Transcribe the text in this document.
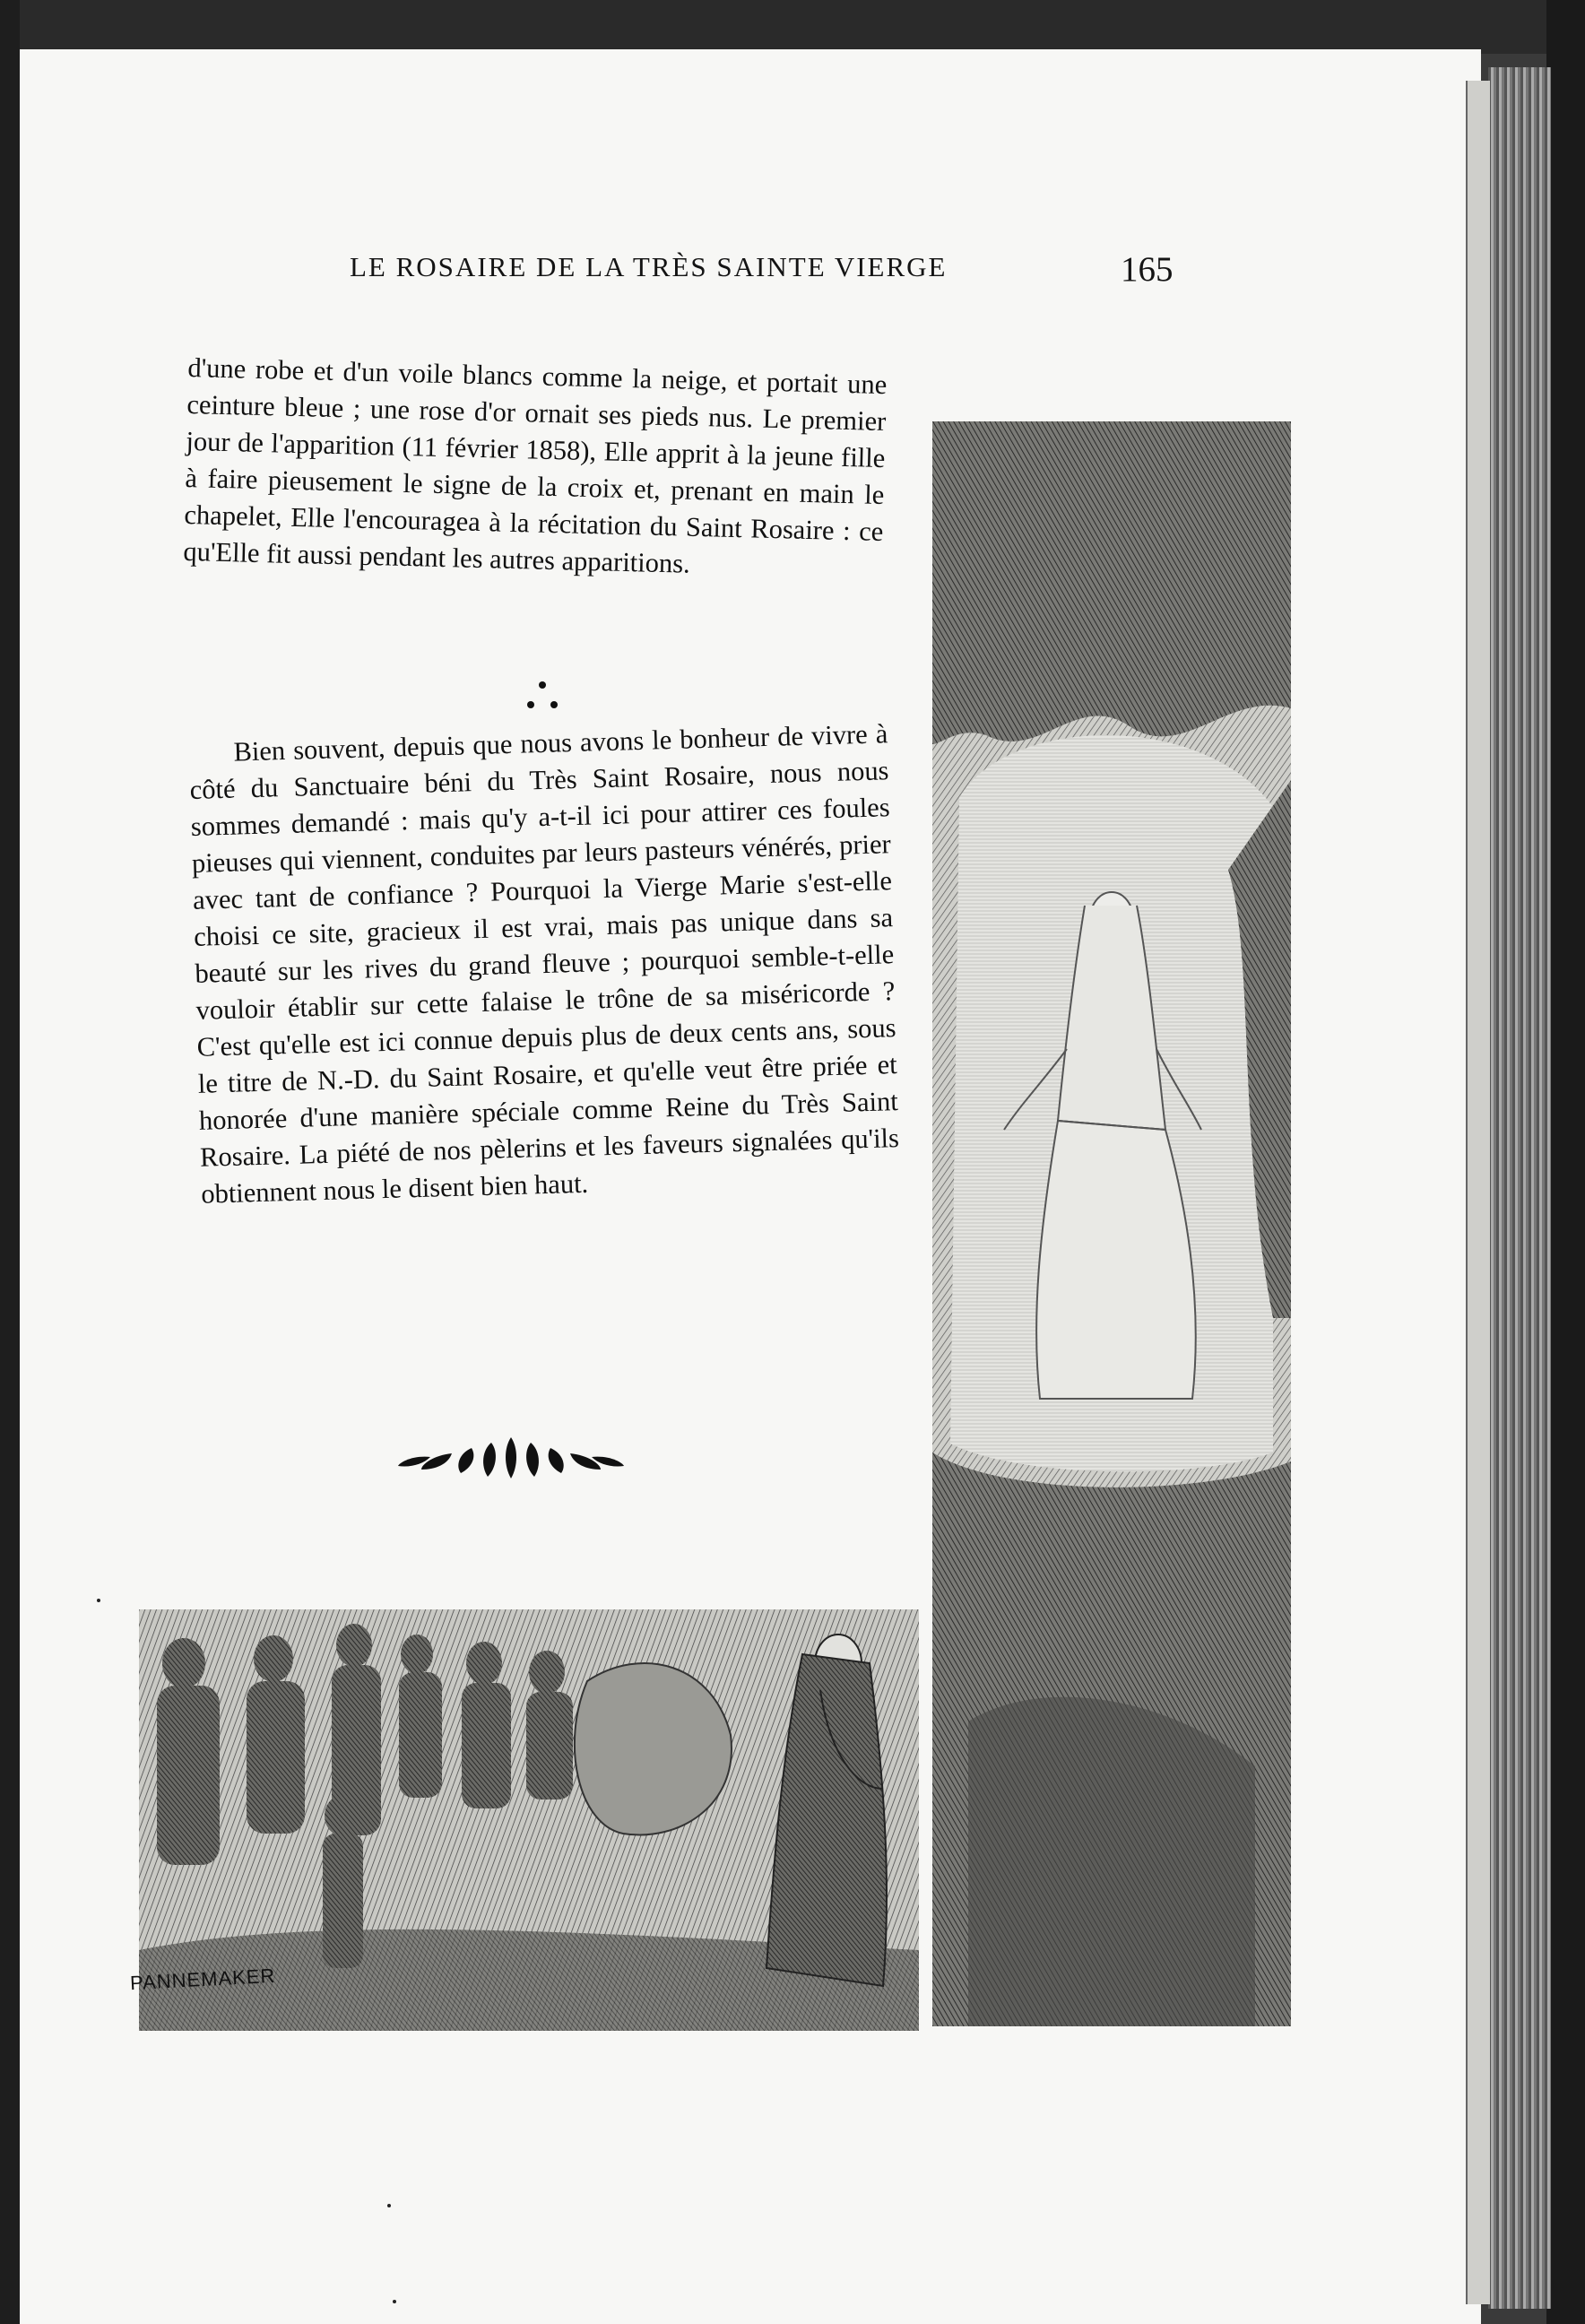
LE ROSAIRE DE LA TRÈS SAINTE VIERGE	165
d'une robe et d'un voile blancs comme la neige, et portait une ceinture bleue ; une rose d'or ornait ses pieds nus. Le premier jour de l'apparition (11 février 1858), Elle apprit à la jeune fille à faire pieusement le signe de la croix et, prenant en main le chapelet, Elle l'encouragea à la récitation du Saint Rosaire : ce qu'Elle fit aussi pendant les autres apparitions.
Bien souvent, depuis que nous avons le bonheur de vivre à côté du Sanctuaire béni du Très Saint Rosaire, nous nous sommes demandé : mais qu'y a-t-il ici pour attirer ces foules pieuses qui viennent, conduites par leurs pasteurs vénérés, prier avec tant de confiance ? Pourquoi la Vierge Marie s'est-elle choisi ce site, gracieux il est vrai, mais pas unique dans sa beauté sur les rives du grand fleuve ; pourquoi semble-t-elle vouloir établir sur cette falaise le trône de sa miséricorde ? C'est qu'elle est ici connue depuis plus de deux cents ans, sous le titre de N.-D. du Saint Rosaire, et qu'elle veut être priée et honorée d'une manière spéciale comme Reine du Très Saint Rosaire. La piété de nos pèlerins et les faveurs signalées qu'ils obtiennent nous le disent bien haut.
PANNEMAKER
